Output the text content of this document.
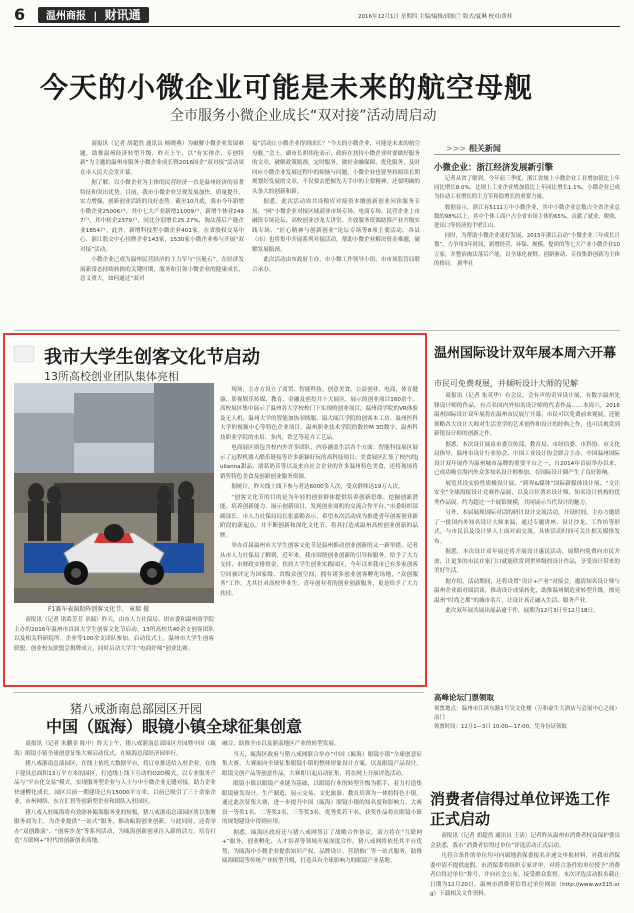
6	温州商报 | 财讯通	2016年12月1日 星期四 主编/编辑/邱灿兰 版式/夏琳 校对/黄桂
今天的小微企业可能是未来的航空母舰
全市服务小微企业成长“双对接”活动周启动

商报讯（记者 胡超然 通讯员 杨晓燕）为破解小微企业发展难题，助推温州经济转型升级，昨天上午，以“有实体企、专创特新”为主题的温州市服务小微企业成长暨2016国企“双对接”活动周在市人民大会堂开幕。

据了解，以小微企业为主体的民营经济一直是温州经济的显著特征和突出优势。目前，我市小微企业呈现发展加快、质量提升、实力增强、创新创业活跃的良好态势。截至10月底，我市今年新增小微企业25006户，其中七大产业新增11009户，新增个体业2497户，其中转企2379户，同比分别增长25.27%，淘汰落后产能企业1854户。此外，新增科技型小微企业401家，在省股权交易中心、浙江股交中心挂牌企业143家，1530家小微企业参与开展“双对接”活动。

小微企业已成为温州民营经济的主力军与“压舱石”。在经济发展新常态持续转换的关键时期，服务和引领小微企业的健康成长，意义重大。如何通过“双对

接”活动让小微企业得到成长？“今天的小微企业，可能是未来的航空母舰。”会上，副市长胡伟伦表示，政府在扶持小微企业时要做好服务的文章，破解政策瓶颈，定时服务，做好金融保障、优化服务，及时回应小微企业发展过程中的烦恼与问题。小微企业也要坚持阅读长期规划好发展的文章，不仅要去把握先天手中的主要精神，还要明确的头条大的创新和新。

据悉，此次活动周共设粮库对接资本缴创新创业问诊服务专场，“网“小微企业对接区域商业市场专场、电商专场、民营企业上市融资专场论坛、高校创业沙龙大讲堂、开放服务资源助推产业升级实践专场、“匠心精神与创新创业”论坛专场等8项主要活动。各县（市）也将集中开展系列对接活动，帮助小微企业解决资金难题，破解发展瓶颈。

此次活动由市政府主办，市小微工作领导小组、市市场监管局联合承办。

>>> 相关新闻
小微企业：浙江经济发展新引擎

记者从省了解到，今年前三季度，浙江省规上小微企业工业增加值比上年同比增长8.0%，比规上工业企业增加值比上年同比增长1.1%，小微企业已成为拉动工业增长的主力军和稳增长的重要力量。

数据显示，浙江有5111万中小微企业，其中小微企业总数占全省企业总数的98%以上，其中个体工商户占全省市场主体的65%，贡献了就业、税收、进出口等经济的半壁江山。

同时，为帮助小微企业更好发展，2015年浙江启动“小微企业三年成长计划”，力争用3年时间，新增经营、环保、规模、提质的等七大产业小微企业10万家，并整治淘汰落后产能，以全球化视野、创新驱动、专技集群创新为主体的格局。 新华社

我市大学生创客文化节启动
13所高校创业团队集体亮相
F1赛车表演助阵创客文化节。 章瑞 摄

商报讯（记者 诸葛芳芳 章瑞）昨天，由市人力社保局、团市委和温州商学院主办的2016年温州市首届大学生创客文化节启动，13所高校共40余支创客团队以及相关科研院所、企业等100余支团队参加。启动仪式上，温州市大学生创客联盟、创业校友联盟会揭牌成立，同时启动大学生“电商好师”创业比赛。

现场，主办方设立了商贸、智能科技、创意美食、公益创业、电商、体育健康、影视娱乐传媒、教育、金融及创投共十大展区，展示的创业项目160余个。高校展区集中展示了温州各大学校校门下实现的创业项目，温州商学院的VR体验及无人机、温州大学的智能加热羽绒服、温大瓯江学院的创客木工坊、温州医科大学的视频中心等特色企业项目，温州职业技术学院的数控M 3D数字、温州科技职业学院的水培、多肉、铁艺等花卉工艺品。

电商展区则包含校内外许多团队，内容涵盖生活各个方面：智能科技展区展示了远程机器人酷乐链接等许多新颖好玩的高科技项目；美食展区汇集了校内的Julianna甜品、诸葛奶昔等以及来自社会企业的许多温州特色美食，还将现场将销售特色美食及创新创业服务资源。

据统计，昨天线上线下参与者达6000多人次，受众群体达19万人次。

“创客文化节的目的是为年轻的创业群体提供培养创新思维、挖掘创新潜能、培养创新能力、展示创新项目、发现创业商机的交流合作平台。”市委组织部副部长、市人力社保局局长张嘉勤表示，希望本次活动成为推进青年创客创业新阶段的新起点，并不断创新和深化文化节，将其打造成温州高校创业创新的品牌。

举办首届温州市大学生创客文化节是温州推动创业创新的又一新举措，记者从市人力社保局了解到，近年来，我市围绕创业创新的引导和服务，给予了大力支持，市财政安排资金，扶持大学生创业实践园区，今年以来我市已有多家创客空间被评定为国家级、省级众创空间，拥有诸多创业创客孵化场地，“众创服务”工作，尤其针对高校毕业生，青年创业者的创业创新服务，更是给予了大力扶持。

温州国际设计双年展本周六开幕
市民可免费观展，并倾听设计大师的见解

商报讯（记者 朱英华）有会议、会有声的奇异设计展，有数字温州先锋设计师的作品，有百名国内外知名设计师的代表作品……本周六，2016温州国际设计双年展将在温州市民展厅开幕。市民可以免费前来观展，还能领略各大设计大师对生活美学的艺术创作和设计的经典之作，也可以观赏到新锐设计师的创新之作。

据悉，本次设计展由市委宣传部、教育局、市经信委、市科协、市文化局指导，温州市设计行业协会、中国工业设计协会联合主办。中国温州国际设计双年展作为温州城市品牌的重要平台之一，自2014年首届举办以来，已成功吸引海内外众多知名设计师参加，在国际设计圈产生了良好影响。

展览其设实验性质极设计展、“跨界&媒体”国际新媒体设计展、“文汪安全”全球海报设计竞赛作品展，以及百位著名设计师、知名设计机构的优秀作品展，约为超过一个展馆规模，共同展示当代设计的魅力。

另外，本届展现国际对话的研讨设计交流活动，开设时间，主办方邀请了一批国内外知名设计大师来温，通过专题讲座、设计沙龙、工作坊等形式，与市民以及设计界人士面对面交流。具体活动时间可关注相关媒体发布。

据悉，本次设计双年展还将开展设计惠民活动，展期内免费向市民开放，让更多的市民在家门口就能欣赏到世界级的设计作品，享受设计带来的美好生活。

据介绍，活动期间，还将设置“设计+产业”对接会，邀请知名设计师与温州企业面对面洽谈，推动设计成果转化，助推温州制造业转型升级，擦亮温州“时尚之都”的城市名片，让设计真正融入生活、服务产业。

此次双年展共展出展品逾千件，展期为12月3日至12月18日。

猪八戒浙南总部园区开园
中国（瓯海）眼镜小镇全球征集创意

商报讯（记者 朱鹏金 陈中）昨天上午，猪八戒浙南总部园区开园暨中国（瓯海）眼镜小镇全球创意征集大赛启动仪式，在瓯海总部经济园举行。

猪八戒浙南总部园区，在线上依托大数据平台，将订单推送给入驻企业，在线下建设总面积13万平方米的园区，打造线上线下互动的O2O模式，以专业服务产品与“平台化交易”模式，实现服务型企业与人士与中小微企业无缝对接，助力企业快速孵化成长。园区目前一期建设已有15000平方米，目前已吸引了三十余家企业，市州网络、东方汇智等创新型企业和团队入驻园区。

猪八戒入驻瓯海将有效弥补瓯海服务业的短板，猪八戒浙南总部园区将以集聚服务商为主，为企业提供“一站式”服务，推动瓯海创业创新。与此同时，还将举办“双创路演”、“创客沙龙”等系列活动，为瓯海创新创业注入新的活力，培育打造“互联网+”时代的创新创业高地。

融合，助推全市以及浙南地区产业的转型发展。

当天，瓯海区政府与猪八戒网联合举办“中国（瓯海）眼镜小镇”全球创意征集大赛。大赛面向全球征集眼镜小镇的整体形象设计方案，以及眼镜产品设计、眼镜文创产品等创意作品，大赛即日起启动征集，将在网上开展评选活动。

眼镜小镇以眼镜产业链为基础，以眼镜行业的转型升级为抓手，着力打造集眼镜研发设计、生产制造、展示交易、文化旅游、教育培训为一体的特色小镇。通过此次征集大赛，进一步提升中国（瓯海）眼镜小镇的知名度和影响力。大赛设一等奖1名、二等奖2名、三等奖3名，优秀奖若干名，获奖作品将在眼镜小镇的规划建设中得到应用。

据悉，瓯海区政府还与猪八戒网签订了战略合作协议，双方将在“互联网+”服务、创业孵化、人才培养等领域开展深度合作。猪八戒网将依托其平台优势，为瓯海中小微企业提供知识产权、品牌设计、营销推广等一站式服务，助推瓯海眼镜等传统产业转型升级，打造具有全球影响力的眼镜产业基地。

高峰论坛门票领取
领票地点：温州市江滨东路1号吴文化楼（万和豪生大酒店与会展中心之间）南门
领票时间：12月1—3日 10:00—17:00，凭身份证领取
消费者信得过单位评选工作正式启动

商报讯（记者 胡超然 通讯员 王淸）记者昨从温州市消费者权益保护委员会获悉，我市“消费者信得过单位”评选活动正式启动。

凡符合条件的单位均可向属地消保委报名并递交申报材料，对我市消保委申请不提供虚假。市消保委将组织专家评审，对符合条件的单位授予“消费者信得过单位”称号，并向社会公布，接受群众监督。本次评选活动报名截止日期为12月20日。温州市消费者信得过单位网站（http://www.wz315.org）下载相关文件资料。
